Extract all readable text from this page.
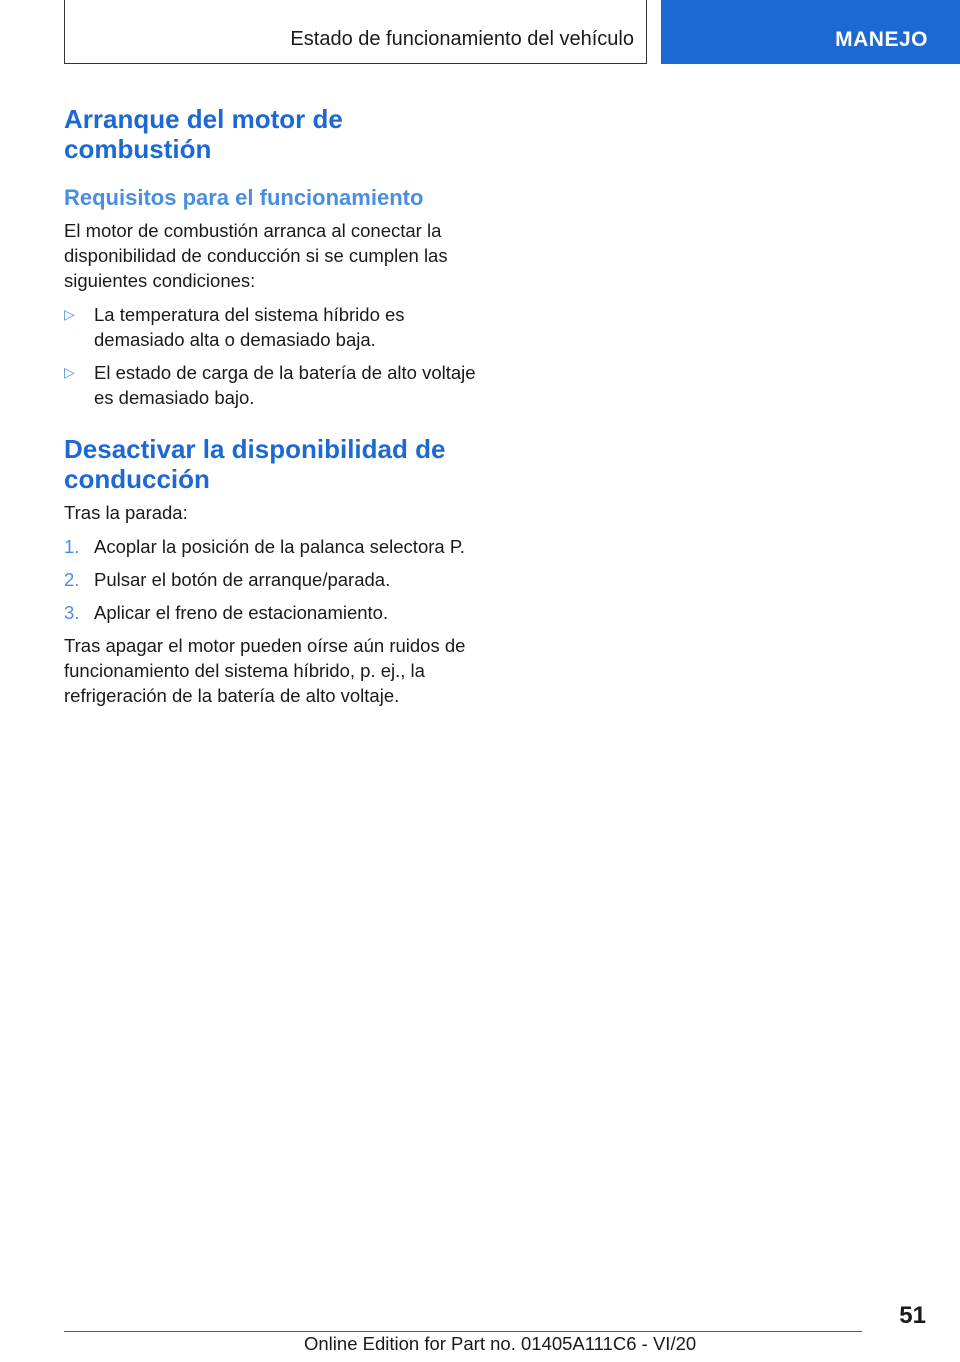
Estado de funcionamiento del vehículo	MANEJO
Arranque del motor de combustión
Requisitos para el funcionamiento

El motor de combustión arranca al conectar la disponibilidad de conducción si se cumplen las siguientes condiciones:

▷ La temperatura del sistema híbrido es demasiado alta o demasiado baja.
▷ El estado de carga de la batería de alto voltaje es demasiado bajo.
Desactivar la disponibilidad de conducción

Tras la parada:

1. Acoplar la posición de la palanca selectora P.
2. Pulsar el botón de arranque/parada.
3. Aplicar el freno de estacionamiento.

Tras apagar el motor pueden oírse aún ruidos de funcionamiento del sistema híbrido, p. ej., la refrigeración de la batería de alto voltaje.

51
Online Edition for Part no. 01405A111C6 - VI/20
